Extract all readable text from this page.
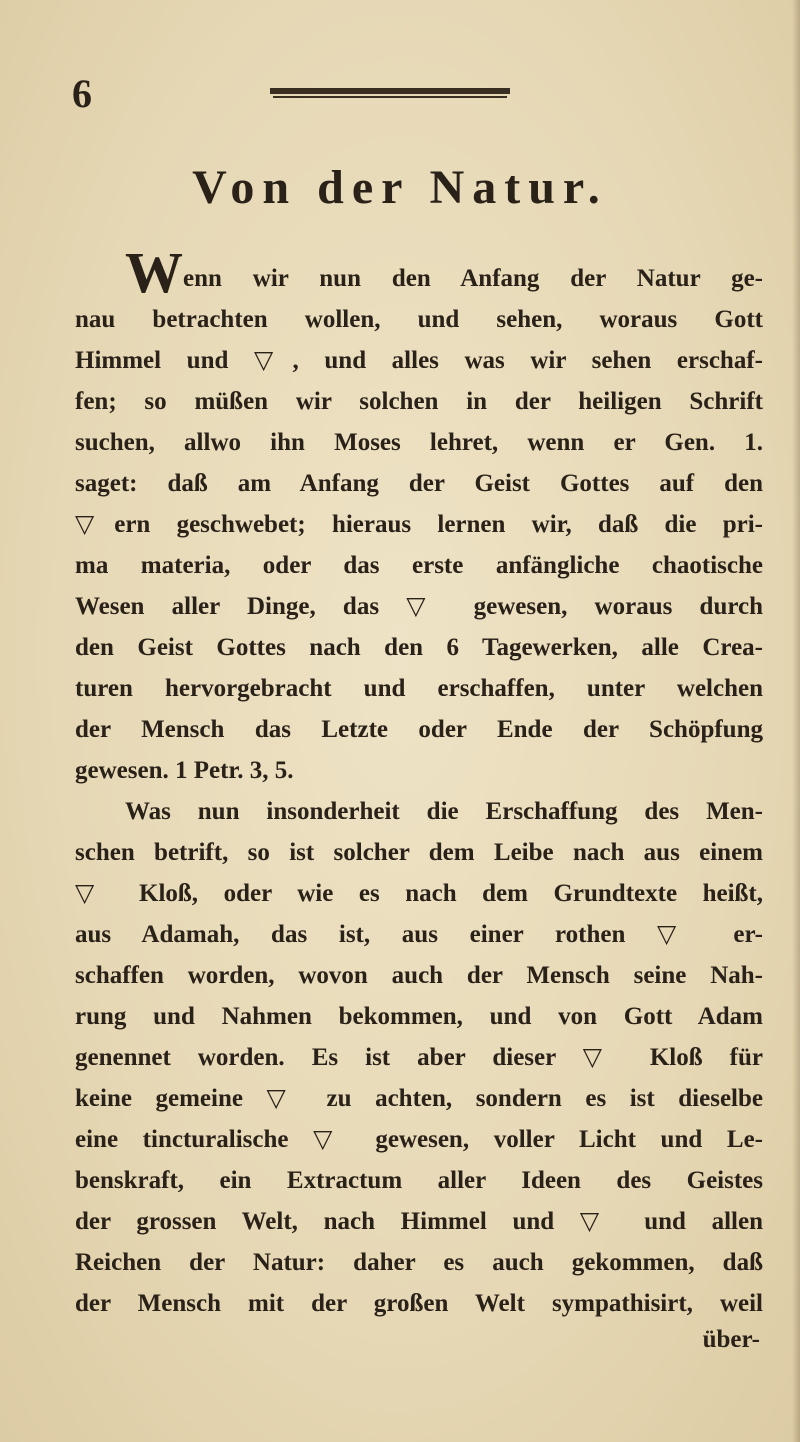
6
Von der Natur.
Wenn wir nun den Anfang der Natur ge-
nau betrachten wollen, und sehen, woraus Gott
Himmel und ▽, und alles was wir sehen erschaf-
fen; so müßen wir solchen in der heiligen Schrift
suchen, allwo ihn Moses lehret, wenn er Gen. 1.
saget: daß am Anfang der Geist Gottes auf den
▽ern geschwebet; hieraus lernen wir, daß die pri-
ma materia, oder das erste anfängliche chaotische
Wesen aller Dinge, das ▽ gewesen, woraus durch
den Geist Gottes nach den 6 Tagewerken, alle Crea-
turen hervorgebracht und erschaffen, unter welchen
der Mensch das Letzte oder Ende der Schöpfung
gewesen. 1 Petr. 3, 5.
Was nun insonderheit die Erschaffung des Men-
schen betrift, so ist solcher dem Leibe nach aus einem
▽ Kloß, oder wie es nach dem Grundtexte heißt,
aus Adamah, das ist, aus einer rothen ▽ er-
schaffen worden, wovon auch der Mensch seine Nah-
rung und Nahmen bekommen, und von Gott Adam
genennet worden. Es ist aber dieser ▽ Kloß für
keine gemeine ▽ zu achten, sondern es ist dieselbe
eine tincturalische ▽ gewesen, voller Licht und Le-
benskraft, ein Extractum aller Ideen des Geistes
der grossen Welt, nach Himmel und ▽ und allen
Reichen der Natur: daher es auch gekommen, daß
der Mensch mit der großen Welt sympathisirt, weil
über-
